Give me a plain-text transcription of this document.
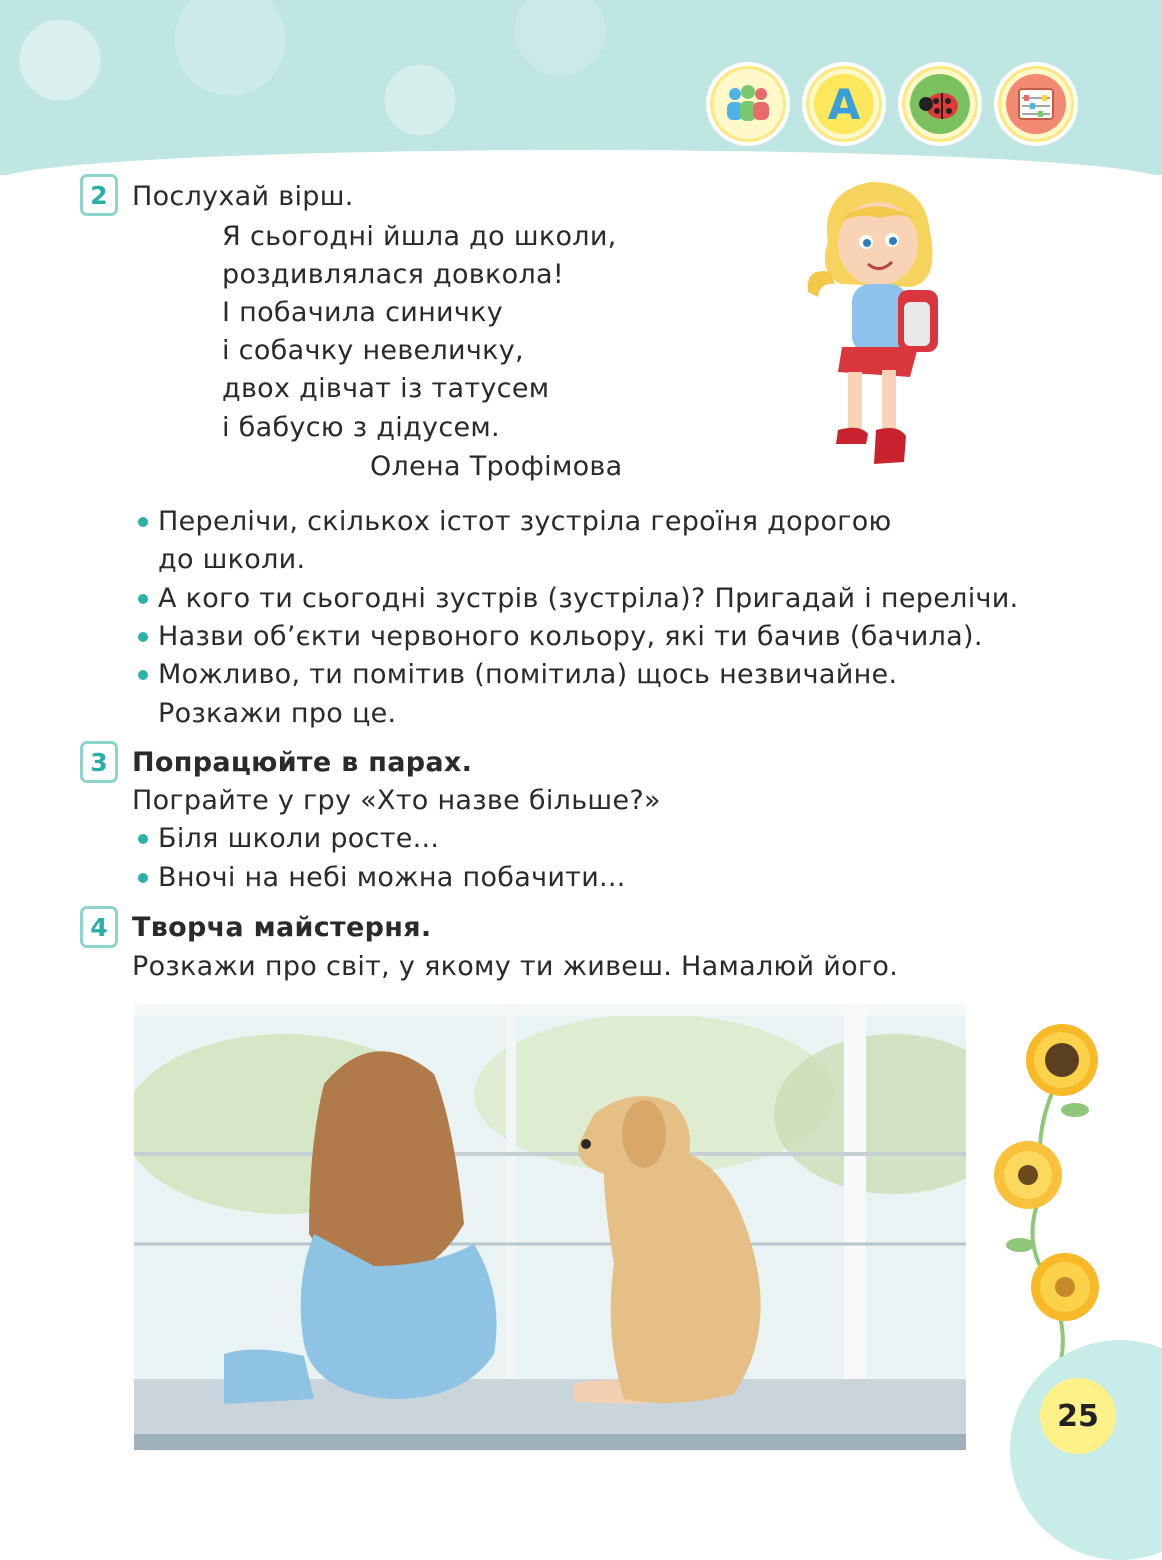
А
2 Послухай вірш.
Я сьогодні йшла до школи,
роздивлялася довкола!
І побачила синичку
і собачку невеличку,
двох дівчат із татусем
і бабусю з дідусем.
Олена Трофімова
Перелічи, скількох істот зустріла героїня дорогою
до школи.
А кого ти сьогодні зустрів (зустріла)? Пригадай і перелічи.
Назви об’єкти червоного кольору, які ти бачив (бачила).
Можливо, ти помітив (помітила) щось незвичайне.
Розкажи про це.
3 Попрацюйте в парах.
Пограйте у гру «Хто назве більше?»
Біля школи росте...
Вночі на небі можна побачити...
4 Творча майстерня.
Розкажи про світ, у якому ти живеш. Намалюй його.
25
